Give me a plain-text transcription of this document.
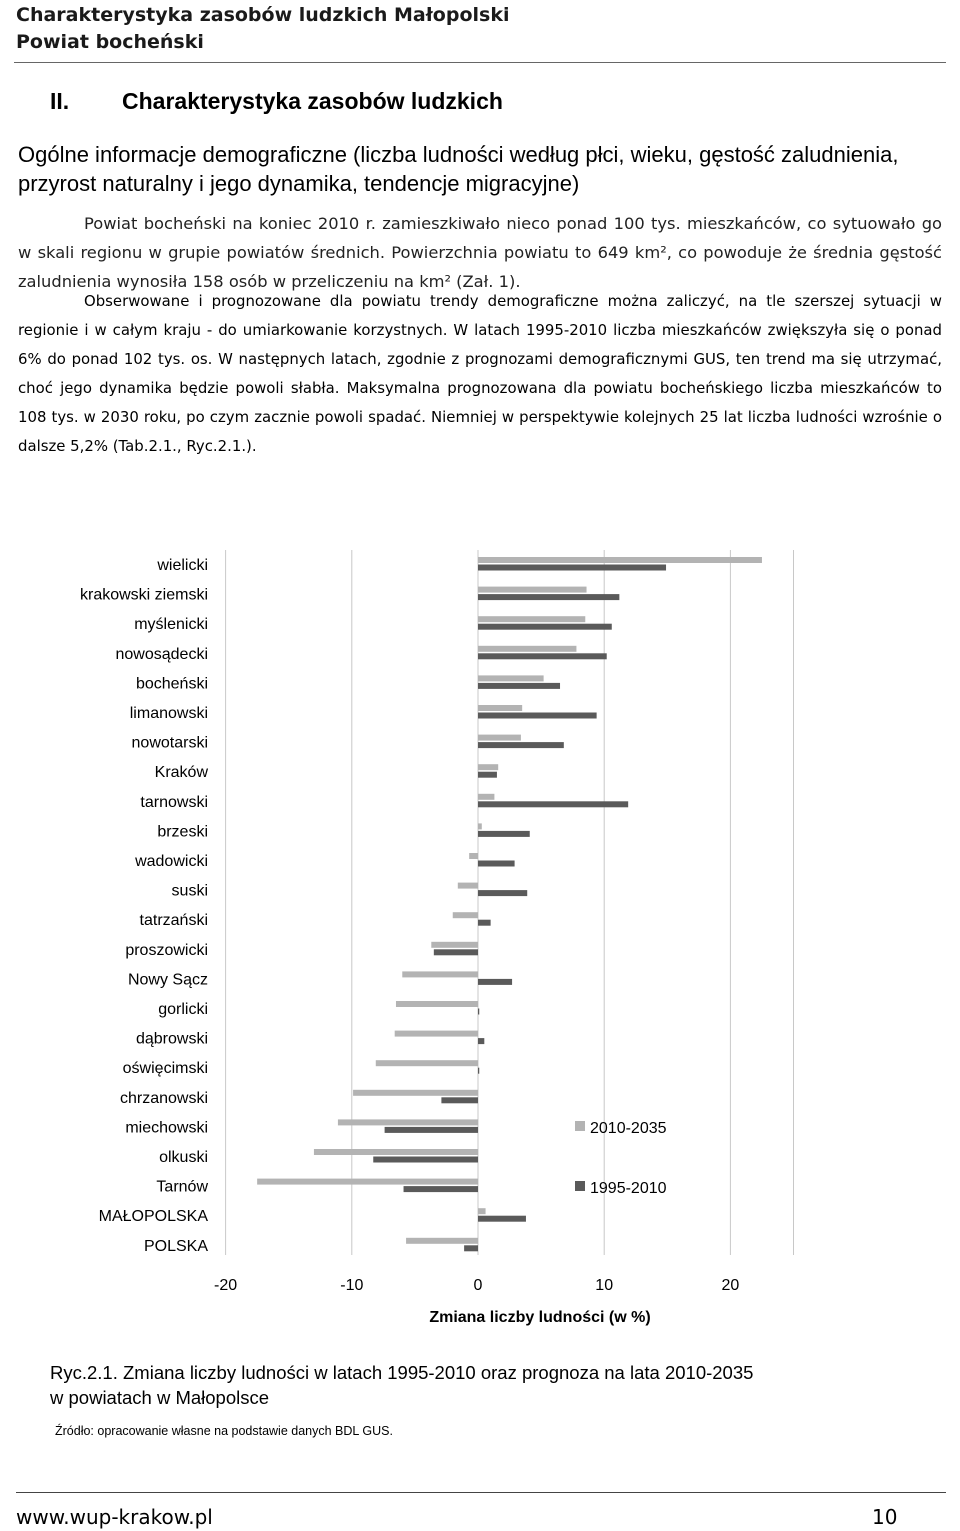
Charakterystyka zasobów ludzkich Małopolski
Powiat bocheński
II. Charakterystyka zasobów ludzkich
Ogólne informacje demograficzne (liczba ludności według płci, wieku, gęstość zaludnienia, przyrost naturalny i jego dynamika, tendencje migracyjne)
Powiat bocheński na koniec 2010 r. zamieszkiwało nieco ponad 100 tys. mieszkańców, co sytuowało go w skali regionu w grupie powiatów średnich. Powierzchnia powiatu to 649 km², co powoduje że średnia gęstość zaludnienia wynosiła 158 osób w przeliczeniu na km² (Zał. 1).
Obserwowane i prognozowane dla powiatu trendy demograficzne można zaliczyć, na tle szerszej sytuacji w regionie i w całym kraju - do umiarkowanie korzystnych. W latach 1995-2010 liczba mieszkańców zwiększyła się o ponad 6% do ponad 102 tys. os. W następnych latach, zgodnie z prognozami demograficznymi GUS, ten trend ma się utrzymać, choć jego dynamika będzie powoli słabła. Maksymalna prognozowana dla powiatu bocheńskiego liczba mieszkańców to 108 tys. w 2030 roku, po czym zacznie powoli spadać. Niemniej w perspektywie kolejnych 25 lat liczba ludności wzrośnie o dalsze 5,2% (Tab.2.1., Ryc.2.1.).
-20	-10	0	10	20
wielicki
krakowski ziemski
myślenicki
nowosądecki
bocheński
limanowski
nowotarski
Kraków
tarnowski
brzeski
wadowicki
suski
tatrzański
proszowicki
Nowy Sącz
gorlicki
dąbrowski
oświęcimski
chrzanowski
miechowski
olkuski
Tarnów
MAŁOPOLSKA
POLSKA
2010-2035
1995-2010
Zmiana liczby ludności (w %)
Ryc.2.1. Zmiana liczby ludności w latach 1995-2010 oraz prognoza na lata 2010-2035
w powiatach w Małopolsce
Źródło: opracowanie własne na podstawie danych BDL GUS.
www.wup-krakow.pl	10
